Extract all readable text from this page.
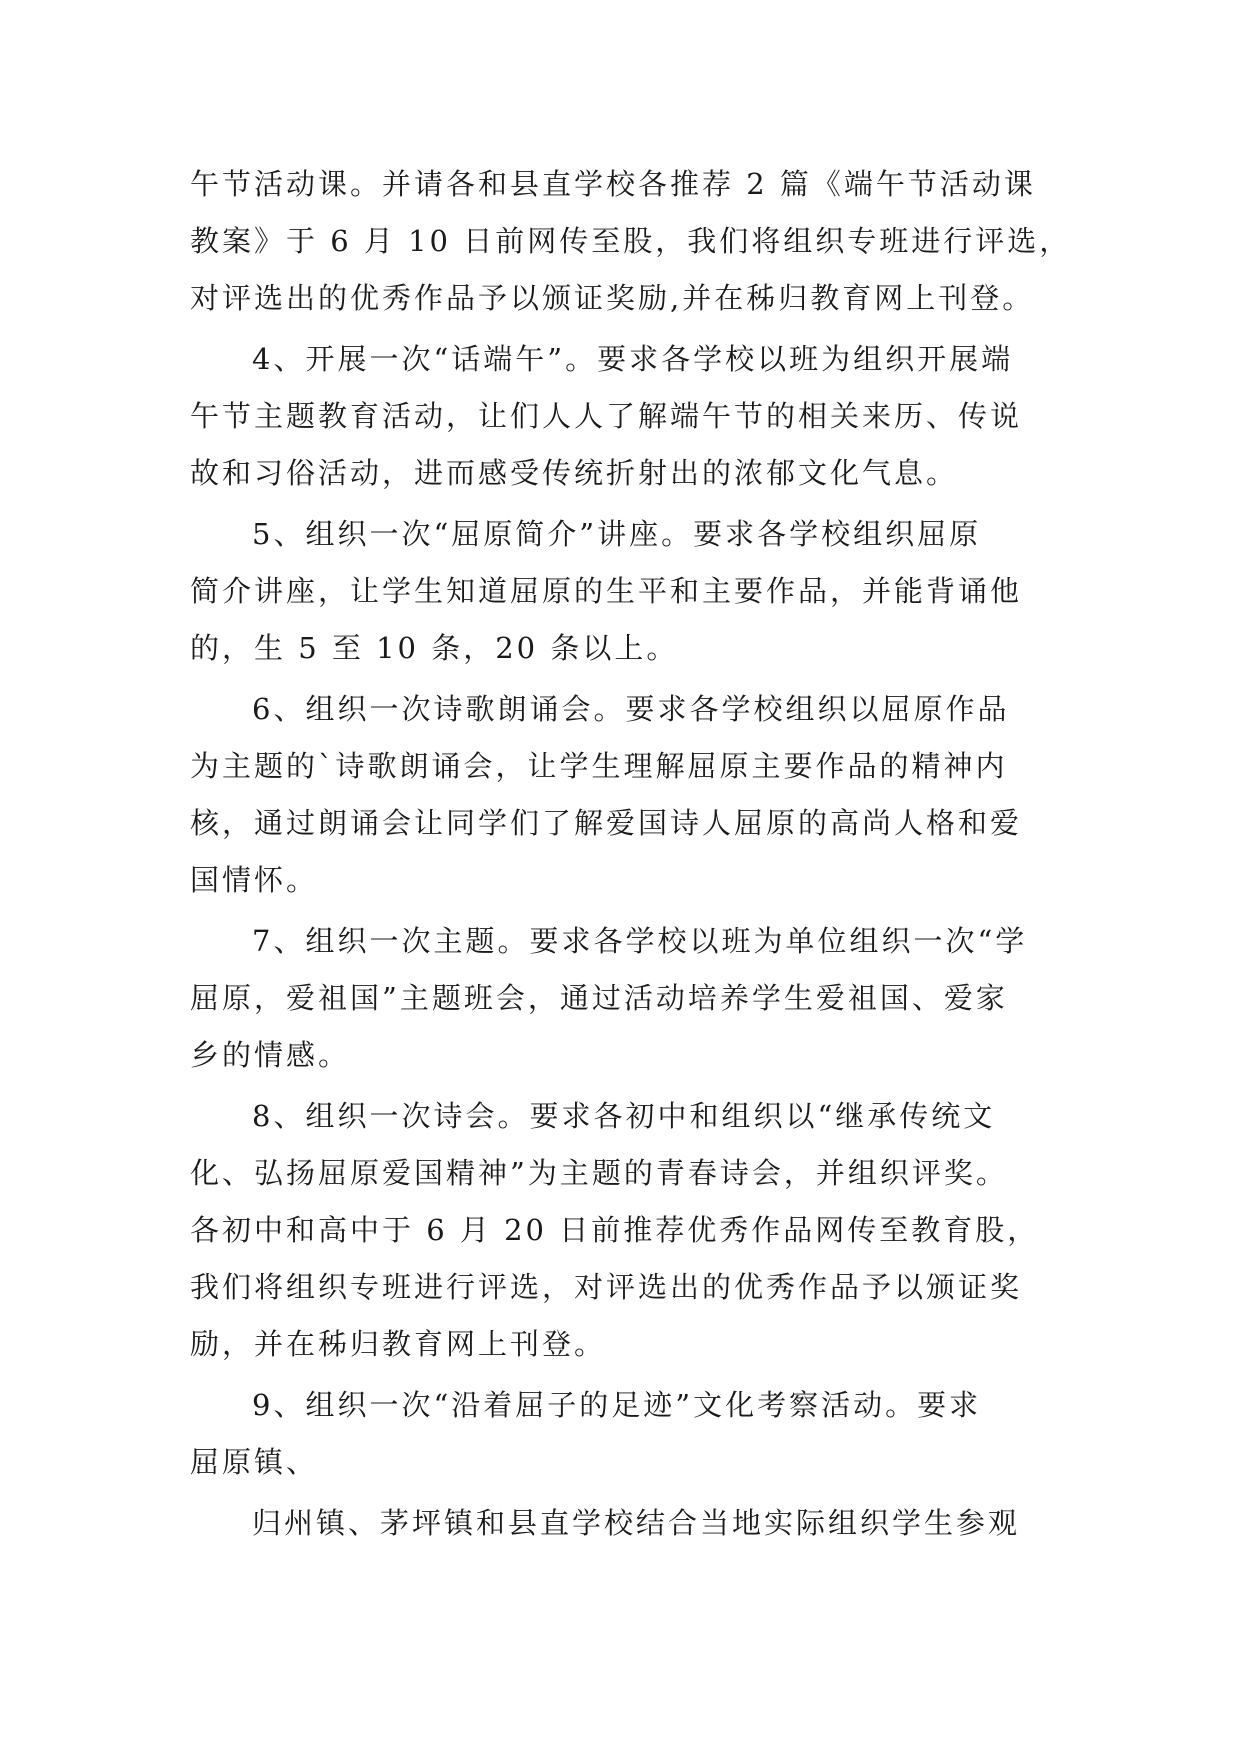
午节活动课。并请各和县直学校各推荐 2 篇《端午节活动课
教案》于 6 月 10 日前网传至股，我们将组织专班进行评选，
对评选出的优秀作品予以颁证奖励,并在秭归教育网上刊登。
4、开展一次“话端午”。要求各学校以班为组织开展端
午节主题教育活动，让们人人了解端午节的相关来历、传说
故和习俗活动，进而感受传统折射出的浓郁文化气息。
5、组织一次“屈原简介”讲座。要求各学校组织屈原
简介讲座，让学生知道屈原的生平和主要作品，并能背诵他
的，生 5 至 10 条，20 条以上。
6、组织一次诗歌朗诵会。要求各学校组织以屈原作品
为主题的`诗歌朗诵会，让学生理解屈原主要作品的精神内
核，通过朗诵会让同学们了解爱国诗人屈原的高尚人格和爱
国情怀。
7、组织一次主题。要求各学校以班为单位组织一次“学
屈原，爱祖国”主题班会，通过活动培养学生爱祖国、爱家
乡的情感。
8、组织一次诗会。要求各初中和组织以“继承传统文
化、弘扬屈原爱国精神”为主题的青春诗会，并组织评奖。
各初中和高中于 6 月 20 日前推荐优秀作品网传至教育股，
我们将组织专班进行评选，对评选出的优秀作品予以颁证奖
励，并在秭归教育网上刊登。
9、组织一次“沿着屈子的足迹”文化考察活动。要求
屈原镇、
归州镇、茅坪镇和县直学校结合当地实际组织学生参观
